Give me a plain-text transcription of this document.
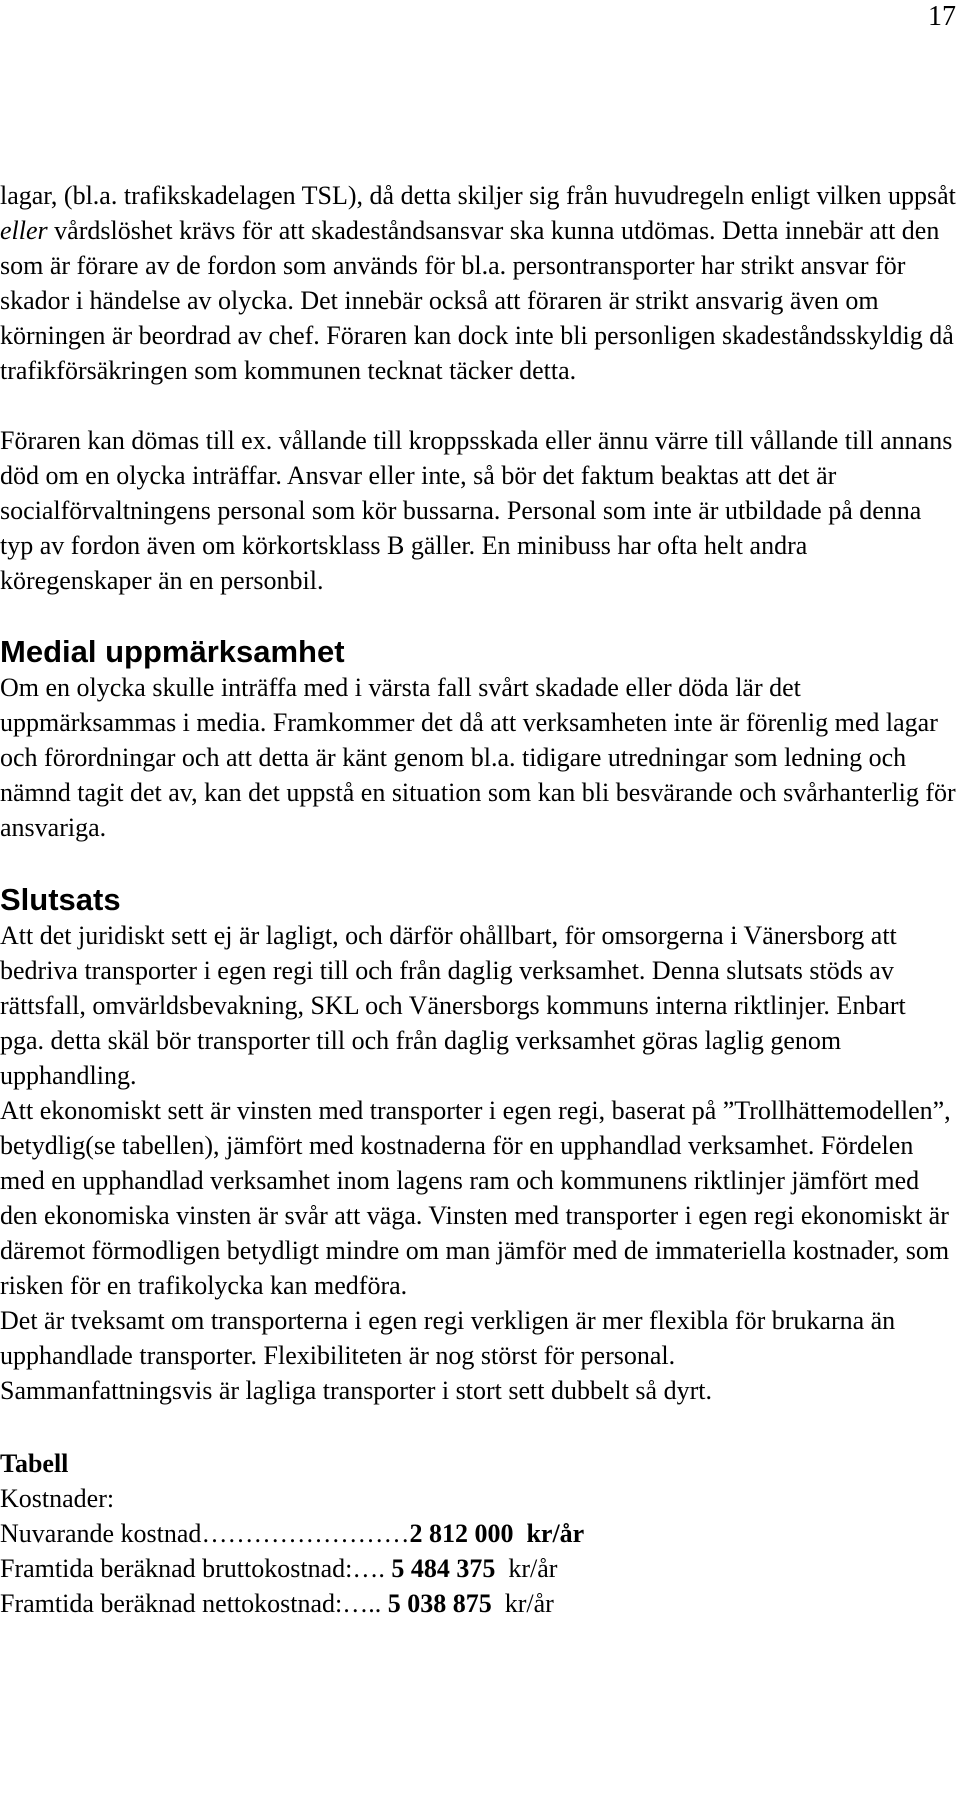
17

lagar, (bl.a. trafikskadelagen TSL), då detta skiljer sig från huvudregeln enligt vilken uppsåt eller vårdslöshet krävs för att skadeståndsansvar ska kunna utdömas. Detta innebär att den som är förare av de fordon som används för bl.a. persontransporter har strikt ansvar för skador i händelse av olycka. Det innebär också att föraren är strikt ansvarig även om körningen är beordrad av chef. Föraren kan dock inte bli personligen skadeståndsskyldig då trafikförsäkringen som kommunen tecknat täcker detta.

Föraren kan dömas till ex. vållande till kroppsskada eller ännu värre till vållande till annans död om en olycka inträffar. Ansvar eller inte, så bör det faktum beaktas att det är socialförvaltningens personal som kör bussarna. Personal som inte är utbildade på denna typ av fordon även om körkortsklass B gäller. En minibuss har ofta helt andra köregenskaper än en personbil.

Medial uppmärksamhet

Om en olycka skulle inträffa med i värsta fall svårt skadade eller döda lär det uppmärksammas i media. Framkommer det då att verksamheten inte är förenlig med lagar och förordningar och att detta är känt genom bl.a. tidigare utredningar som ledning och nämnd tagit det av, kan det uppstå en situation som kan bli besvärande och svårhanterlig för ansvariga.

Slutsats

Att det juridiskt sett ej är lagligt, och därför ohållbart, för omsorgerna i Vänersborg att bedriva transporter i egen regi till och från daglig verksamhet. Denna slutsats stöds av rättsfall, omvärldsbevakning, SKL och Vänersborgs kommuns interna riktlinjer. Enbart pga. detta skäl bör transporter till och från daglig verksamhet göras laglig genom upphandling.

Att ekonomiskt sett är vinsten med transporter i egen regi, baserat på ”Trollhättemodellen”, betydlig(se tabellen), jämfört med kostnaderna för en upphandlad verksamhet. Fördelen med en upphandlad verksamhet inom lagens ram och kommunens riktlinjer jämfört med den ekonomiska vinsten är svår att väga. Vinsten med transporter i egen regi ekonomiskt är däremot förmodligen betydligt mindre om man jämför med de immateriella kostnader, som risken för en trafikolycka kan medföra.

Det är tveksamt om transporterna i egen regi verkligen är mer flexibla för brukarna än upphandlade transporter. Flexibiliteten är nog störst för personal.

Sammanfattningsvis är lagliga transporter i stort sett dubbelt så dyrt.

Tabell

Kostnader:

Nuvarande kostnad……………………2 812 000 kr/år

Framtida beräknad bruttokostnad:…. 5 484 375 kr/år

Framtida beräknad nettokostnad:….. 5 038 875 kr/år
